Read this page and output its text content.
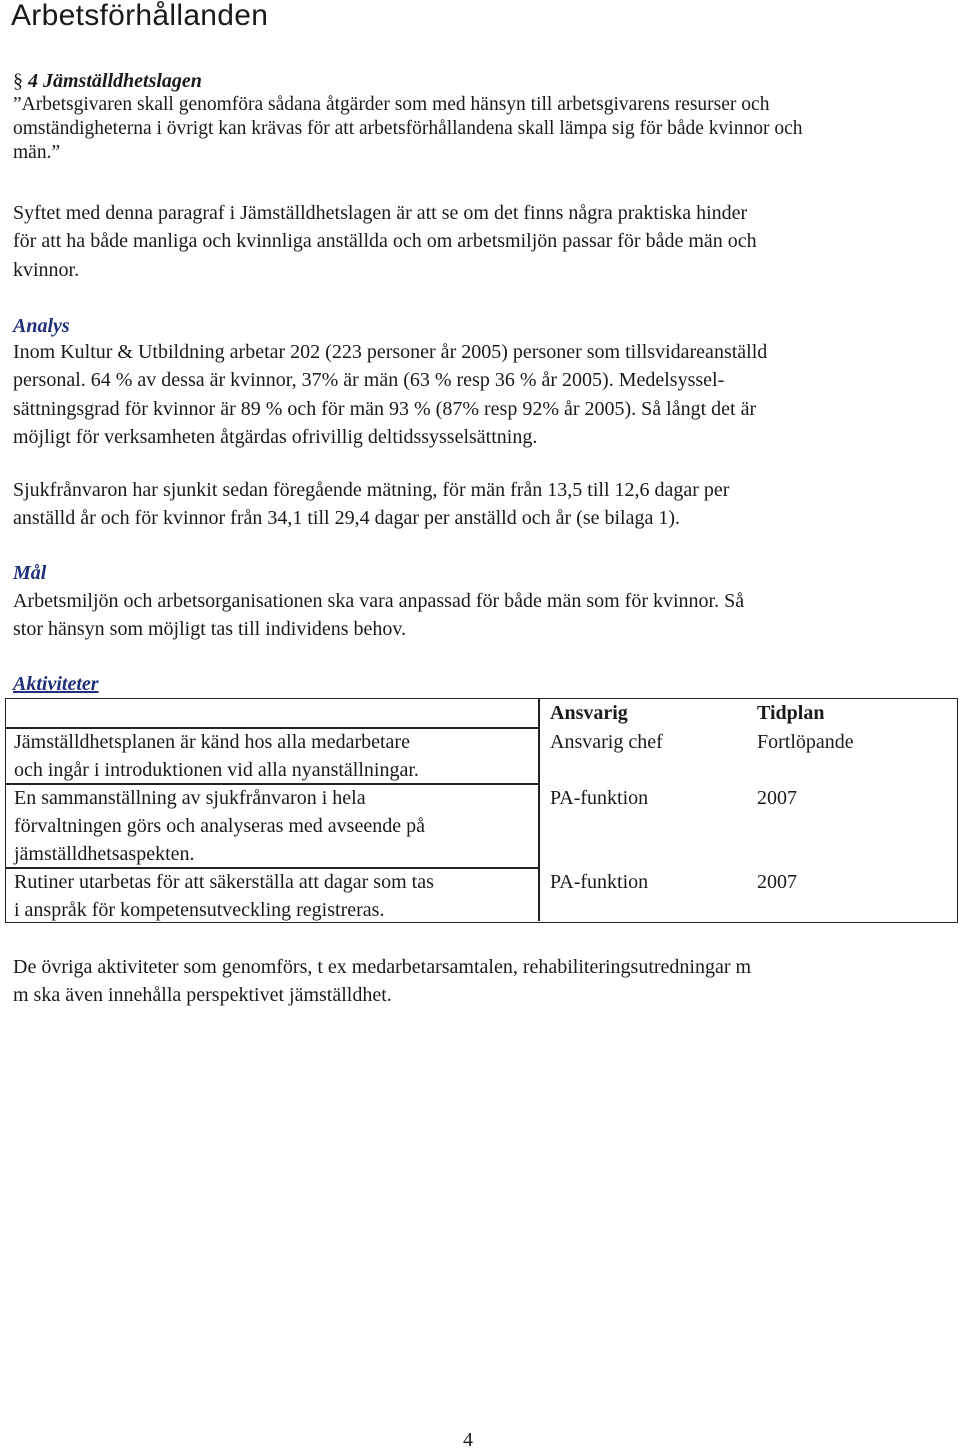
Arbetsförhållanden
§ 4 Jämställdhetslagen
”Arbetsgivaren skall genomföra sådana åtgärder som med hänsyn till arbetsgivarens resurser och
omständigheterna i övrigt kan krävas för att arbetsförhållandena skall lämpa sig för både kvinnor och
män.”
Syftet med denna paragraf i Jämställdhetslagen är att se om det finns några praktiska hinder
för att ha både manliga och kvinnliga anställda och om arbetsmiljön passar för både män och
kvinnor.
Analys
Inom Kultur & Utbildning arbetar 202 (223 personer år 2005) personer som tillsvidareanställd
personal. 64 % av dessa är kvinnor, 37% är män (63 % resp 36 % år 2005). Medelsyssel-
sättningsgrad för kvinnor är 89 % och för män 93 % (87% resp 92% år 2005). Så långt det är
möjligt för verksamheten åtgärdas ofrivillig deltidssysselsättning.
Sjukfrånvaron har sjunkit sedan föregående mätning, för män från 13,5 till 12,6 dagar per
anställd år och för kvinnor från 34,1 till 29,4 dagar per anställd och år (se bilaga 1).
Mål
Arbetsmiljön och arbetsorganisationen ska vara anpassad för både män som för kvinnor. Så
stor hänsyn som möjligt tas till individens behov.
Aktiviteter
Ansvarig	Tidplan
Jämställdhetsplanen är känd hos alla medarbetare
och ingår i introduktionen vid alla nyanställningar.
Ansvarig chef	Fortlöpande
En sammanställning av sjukfrånvaron i hela
förvaltningen görs och analyseras med avseende på
jämställdhetsaspekten.
PA-funktion	2007
Rutiner utarbetas för att säkerställa att dagar som tas
i anspråk för kompetensutveckling registreras.
PA-funktion	2007
De övriga aktiviteter som genomförs, t ex medarbetarsamtalen, rehabiliteringsutredningar m
m ska även innehålla perspektivet jämställdhet.
4
